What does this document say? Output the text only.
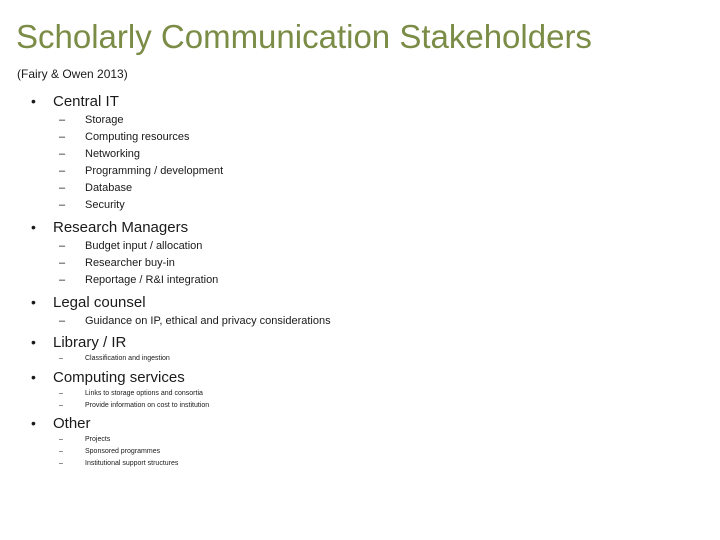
Scholarly Communication Stakeholders
(Fairy & Owen 2013)
• Central IT
– Storage
– Computing resources
– Networking
– Programming / development
– Database
– Security
• Research Managers
– Budget input / allocation
– Researcher buy-in
– Reportage / R&I integration
• Legal counsel
– Guidance on IP, ethical and privacy considerations
• Library / IR
–	Classification and ingestion
• Computing services
–	Links to storage options and consortia
–	Provide information on cost to institution
• Other
–	Projects
–	Sponsored programmes
–	Institutional support structures
